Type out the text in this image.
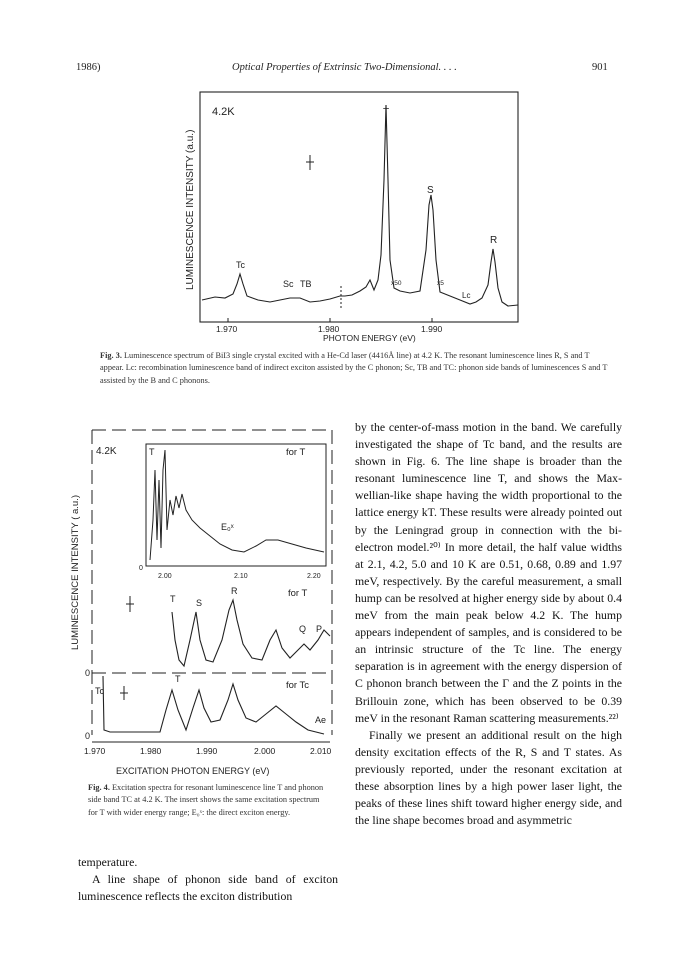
1986)	Optical Properties of Extrinsic Two-Dimensional. . . .	901
4.2K
LUMINESCENCE INTENSITY (a.u.)
1.970	1.980	1.990
PHOTON ENERGY (eV)
T
S
R
Tc
Sc TB
Lc
x50	x5
Fig. 3. Luminescence spectrum of BiI3 single crystal excited with a He-Cd laser (4416Å line) at 4.2 K. The resonant luminescence lines R, S and T appear. Lc: recombination luminescence band of indirect exciton assisted by the C phonon; Sc, TB and TC: phonon side bands of luminescences S and T assisted by the B and C phonons.
LUMINESCENCE INTENSITY ( a.u.)
4.2K	for T
T
E₀ˣ
0
2.00	2.10	2.20
for T
T S
R
Q P
0
for Tc
T
Tc
Ae
0
1.970	1.980	1.990	2.000	2.010
EXCITATION PHOTON ENERGY (eV)
Fig. 4. Excitation spectra for resonant luminescence line T and phonon side band TC at 4.2 K. The insert shows the same excitation spectrum for T with wider energy range; E₀ˣ: the direct exciton energy.

temperature.

A line shape of phonon side band of exciton luminescence reflects the exciton distribution

by the center-of-mass motion in the band. We carefully investigated the shape of Tc band, and the results are shown in Fig. 6. The line shape is broader than the resonant luminescence line T, and shows the Max-wellian-like shape having the width proportional to the lattice energy kT. These results were already pointed out by the Leningrad group in connection with the bi-electron model.²⁰⁾ In more detail, the half value widths at 2.1, 4.2, 5.0 and 10 K are 0.51, 0.68, 0.89 and 1.97 meV, respectively. By the careful measurement, a small hump can be resolved at higher energy side by about 0.4 meV from the main peak below 4.2 K. The hump appears independent of samples, and is considered to be an intrinsic structure of the Tc line. The energy separation is in agreement with the energy dispersion of C phonon branch between the Γ and the Z points in the Brillouin zone, which has been observed to be 0.39 meV in the resonant Raman scattering measurements.²²⁾

Finally we present an additional result on the high density excitation effects of the R, S and T states. As previously reported, under the resonant excitation at these absorption lines by a high power laser light, the peaks of these lines shift toward higher energy side, and the line shape becomes broad and asymmetric
